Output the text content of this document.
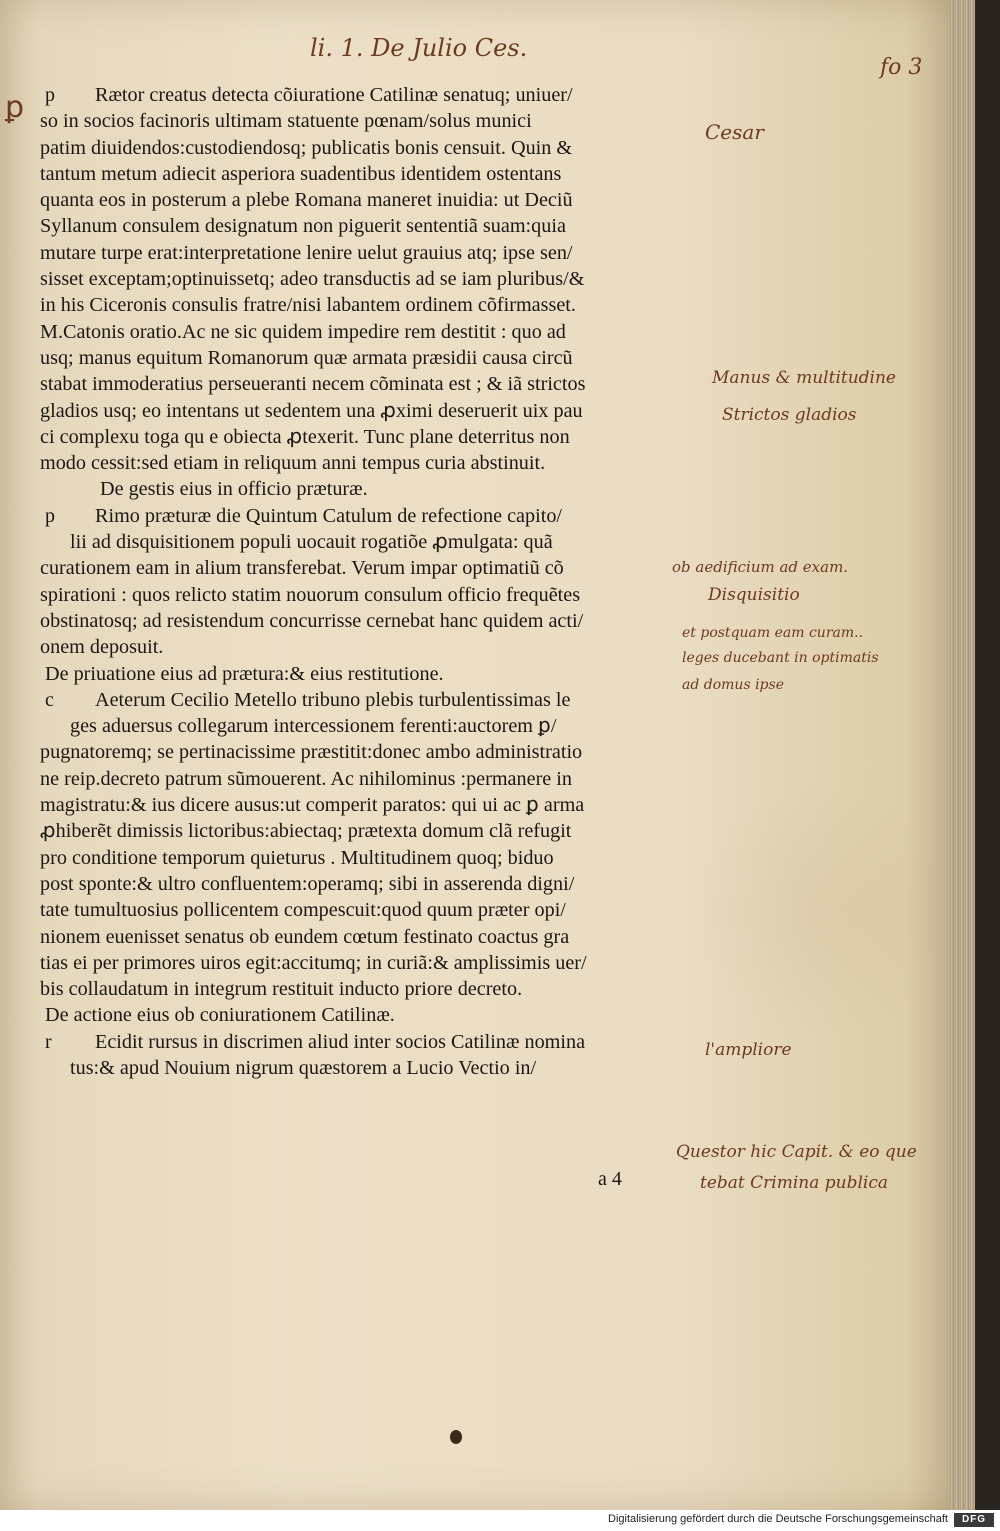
ꝑ
li. 1. De Julio Ces.
fo 3
p Rætor creatus detecta cõiuratione Catilinæ senatuq; uniuer/
so in socios facinoris ultimam statuente pœnam/solus munici
patim diuidendos:custodiendosq; publicatis bonis censuit. Quin &
tantum metum adiecit asperiora suadentibus identidem ostentans
quanta eos in posterum a plebe Romana maneret inuidia: ut Deciũ
Syllanum consulem designatum non piguerit sententiã suam:quia
mutare turpe erat:interpretatione lenire uelut grauius atq; ipse sen/
sisset exceptam;optinuissetq; adeo transductis ad se iam pluribus/&
in his Ciceronis consulis fratre/nisi labantem ordinem cõfirmasset.
M.Catonis oratio.Ac ne sic quidem impedire rem destitit : quo ad
usq; manus equitum Romanorum quæ armata præsidii causa circũ
stabat immoderatius perseueranti necem cõminata est ; & iã strictos
gladios usq; eo intentans ut sedentem una ꝓximi deseruerit uix pau
ci complexu toga qu e obiecta ꝓtexerit. Tunc plane deterritus non
modo cessit:sed etiam in reliquum anni tempus curia abstinuit.
De gestis eius in officio præturæ.
p Rimo præturæ die Quintum Catulum de refectione capito/
lii ad disquisitionem populi uocauit rogatiõe ꝓmulgata: quã
curationem eam in alium transferebat. Verum impar optimatiũ cõ
spirationi : quos relicto statim nouorum consulum officio frequẽtes
obstinatosq; ad resistendum concurrisse cernebat hanc quidem acti/
onem deposuit.
De priuatione eius ad prætura:& eius restitutione.
c Aeterum Cecilio Metello tribuno plebis turbulentissimas le
ges aduersus collegarum intercessionem ferenti:auctorem ꝑ/
pugnatoremq; se pertinacissime præstitit:donec ambo administratio
ne reip.decreto patrum sũmouerent. Ac nihilominus :permanere in
magistratu:& ius dicere ausus:ut comperit paratos: qui ui ac ꝑ arma
ꝓhiberẽt dimissis lictoribus:abiectaq; prætexta domum clã refugit
pro conditione temporum quieturus . Multitudinem quoq; biduo
post sponte:& ultro confluentem:operamq; sibi in asserenda digni/
tate tumultuosius pollicentem compescuit:quod quum præter opi/
nionem euenisset senatus ob eundem cœtum festinato coactus gra
tias ei per primores uiros egit:accitumq; in curiã:& amplissimis uer/
bis collaudatum in integrum restituit inducto priore decreto.
De actione eius ob coniurationem Catilinæ.
r Ecidit rursus in discrimen aliud inter socios Catilinæ nomina
tus:& apud Nouium nigrum quæstorem a Lucio Vectio in/
a 4
Cesar
Manus & multitudine
Strictos gladios
ob aedificium ad exam.
Disquisitio
et postquam eam curam..
leges ducebant in optimatis
ad domus ipse
l'ampliore
Questor hic Capit. & eo que
tebat Crimina publica
Digitalisierung gefördert durch die Deutsche Forschungsgemeinschaft	DFG
